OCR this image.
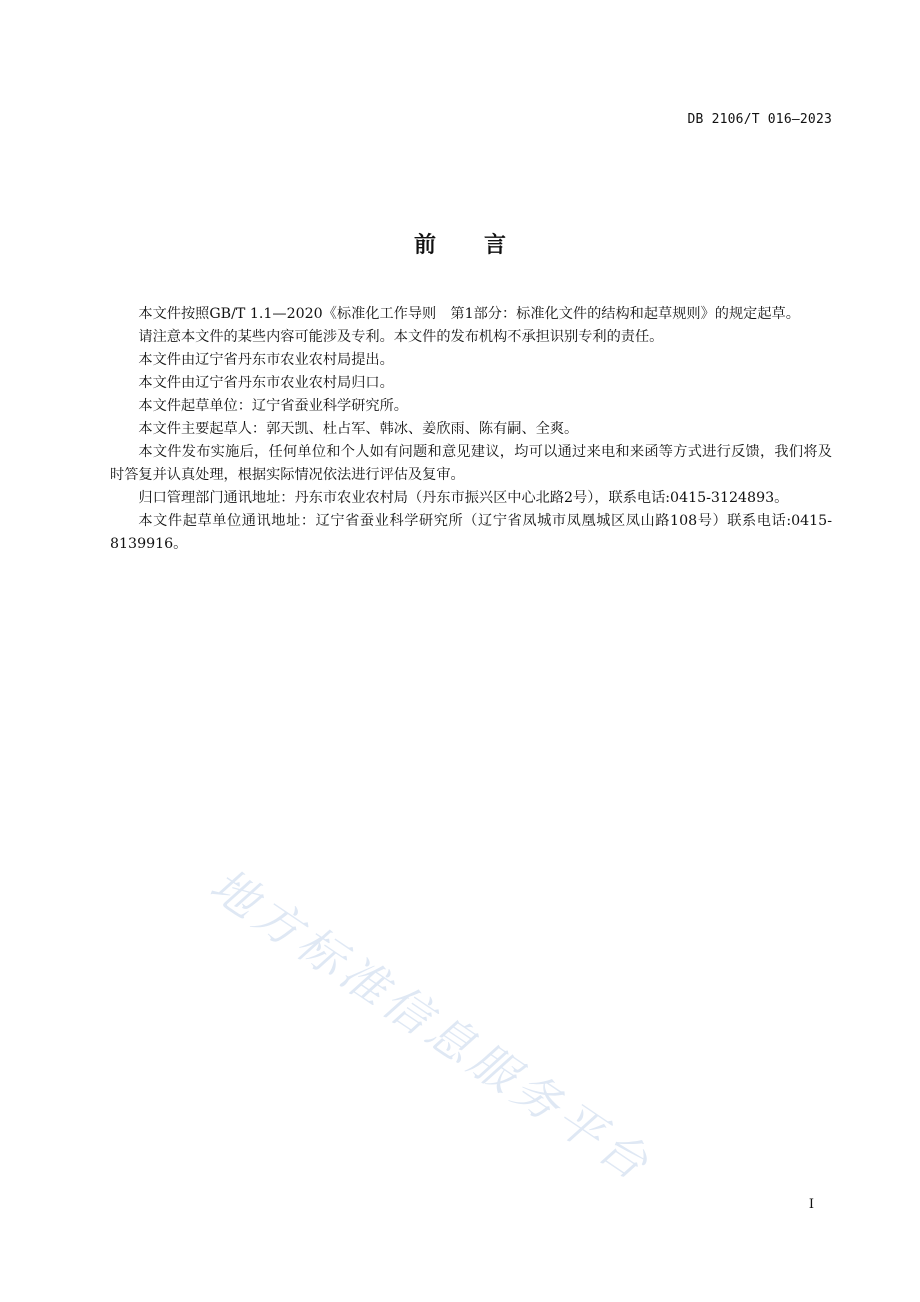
DB 2106/T 016—2023
前 言

本文件按照GB/T 1.1—2020《标准化工作导则　第1部分：标准化文件的结构和起草规则》的规定起草。

请注意本文件的某些内容可能涉及专利。本文件的发布机构不承担识别专利的责任。

本文件由辽宁省丹东市农业农村局提出。

本文件由辽宁省丹东市农业农村局归口。

本文件起草单位：辽宁省蚕业科学研究所。

本文件主要起草人：郭天凯、杜占军、韩冰、姜欣雨、陈有嗣、全爽。

本文件发布实施后，任何单位和个人如有问题和意见建议，均可以通过来电和来函等方式进行反馈，我们将及时答复并认真处理，根据实际情况依法进行评估及复审。

归口管理部门通讯地址：丹东市农业农村局（丹东市振兴区中心北路2号），联系电话:0415-3124893。

本文件起草单位通讯地址：辽宁省蚕业科学研究所（辽宁省凤城市凤凰城区凤山路108号）联系电话:0415-8139916。

地方标准信息服务平台
I
